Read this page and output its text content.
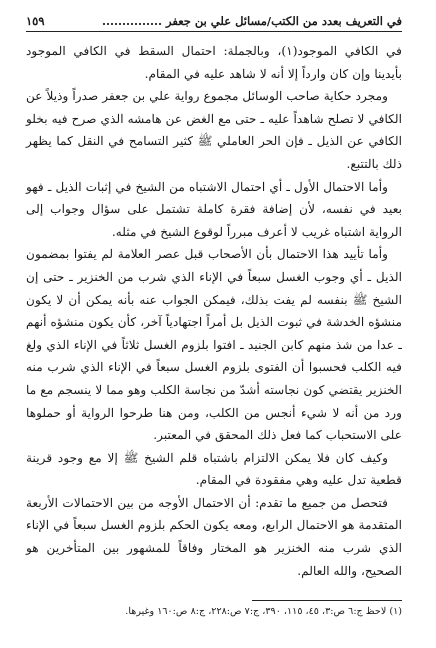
في التعريف بعدد من الكتب/مسائل علي بن جعفر ...............
١٥٩

في الكافي الموجود(١)، وبالجملة: احتمال السقط في الكافي الموجود بأيدينا وإن كان وارداً إلا أنه لا شاهد عليه في المقام.

ومجرد حكاية صاحب الوسائل مجموع رواية علي بن جعفر صدراً وذيلاً عن الكافي لا تصلح شاهداً عليه ـ حتى مع الغض عن هامشه الذي صرح فيه بخلو الكافي عن الذيل ـ فإن الحر العاملي ﷺ كثير التسامح في النقل كما يظهر ذلك بالتتبع.

وأما الاحتمال الأول ـ أي احتمال الاشتباه من الشيخ في إثبات الذيل ـ فهو بعيد في نفسه، لأن إضافة فقرة كاملة تشتمل على سؤال وجواب إلى الرواية اشتباه غريب لا أعرف مبرراً لوقوع الشيخ في مثله.

وأما تأييد هذا الاحتمال بأن الأصحاب قبل عصر العلامة لم يفتوا بمضمون الذيل ـ أي وجوب الغسل سبعاً في الإناء الذي شرب من الخنزير ـ حتى إن الشيخ ﷺ بنفسه لم يفت بذلك، فيمكن الجواب عنه بأنه يمكن أن لا يكون منشؤه الخدشة في ثبوت الذيل بل أمراً اجتهادياً آخر، كأن يكون منشؤه أنهم ـ عدا من شذ منهم كابن الجنيد ـ افتوا بلزوم الغسل ثلاثاً في الإناء الذي ولغ فيه الكلب فحسبوا أن الفتوى بلزوم الغسل سبعاً في الإناء الذي شرب منه الخنزير يقتضي كون نجاسته أشدّ من نجاسة الكلب وهو مما لا ينسجم مع ما ورد من أنه لا شيء أنجس من الكلب، ومن هنا طرحوا الرواية أو حملوها على الاستحباب كما فعل ذلك المحقق في المعتبر.

وكيف كان فلا يمكن الالتزام باشتباه قلم الشيخ ﷺ إلا مع وجود قرينة قطعية تدل عليه وهي مفقودة في المقام.

فتحصل من جميع ما تقدم: أن الاحتمال الأوجه من بين الاحتمالات الأربعة المتقدمة هو الاحتمال الرابع، ومعه يكون الحكم بلزوم الغسل سبعاً في الإناء الذي شرب منه الخنزير هو المختار وفاقاً للمشهور بين المتأخرين هو الصحيح، والله العالم.

(١) لاحظ ج:٦ ص:٣، ٤٥، ١١٥، ٣٩٠، ج:٧ ص:٢٢٨، ج:٨ ص:١٦٠ وغيرها.
